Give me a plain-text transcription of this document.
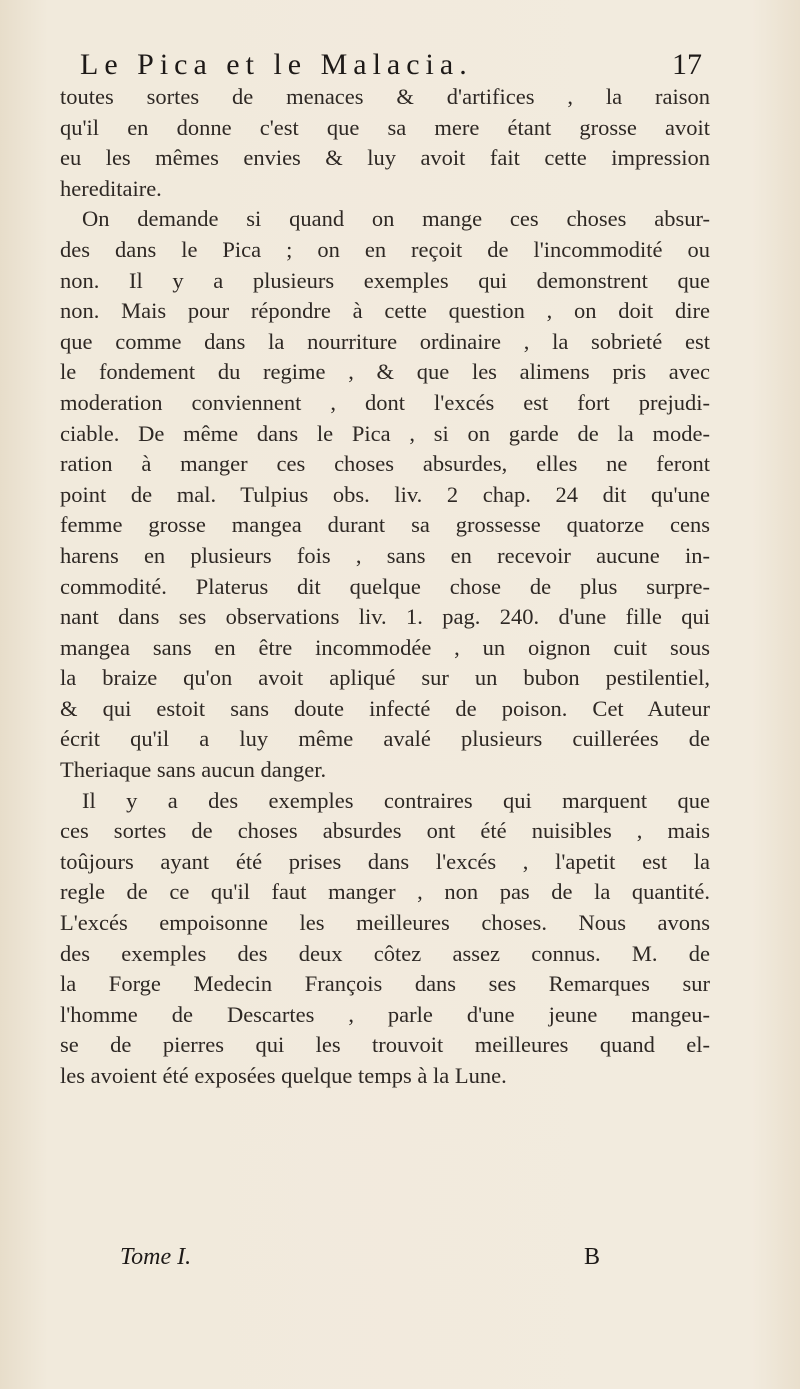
Le Pica et le Malacia.	17
toutes sortes de menaces & d'artifices , la raison
qu'il en donne c'est que sa mere étant grosse avoit
eu les mêmes envies & luy avoit fait cette impression
hereditaire.
On demande si quand on mange ces choses absur-
des dans le Pica ; on en reçoit de l'incommodité ou
non. Il y a plusieurs exemples qui demonstrent que
non. Mais pour répondre à cette question , on doit dire
que comme dans la nourriture ordinaire , la sobrieté est
le fondement du regime , & que les alimens pris avec
moderation conviennent , dont l'excés est fort prejudi-
ciable. De même dans le Pica , si on garde de la mode-
ration à manger ces choses absurdes, elles ne feront
point de mal. Tulpius obs. liv. 2 chap. 24 dit qu'une
femme grosse mangea durant sa grossesse quatorze cens
harens en plusieurs fois , sans en recevoir aucune in-
commodité. Platerus dit quelque chose de plus surpre-
nant dans ses observations liv. 1. pag. 240. d'une fille qui
mangea sans en être incommodée , un oignon cuit sous
la braize qu'on avoit apliqué sur un bubon pestilentiel,
& qui estoit sans doute infecté de poison. Cet Auteur
écrit qu'il a luy même avalé plusieurs cuillerées de
Theriaque sans aucun danger.
Il y a des exemples contraires qui marquent que
ces sortes de choses absurdes ont été nuisibles , mais
toûjours ayant été prises dans l'excés , l'apetit est la
regle de ce qu'il faut manger , non pas de la quantité.
L'excés empoisonne les meilleures choses. Nous avons
des exemples des deux côtez assez connus. M. de
la Forge Medecin François dans ses Remarques sur
l'homme de Descartes , parle d'une jeune mangeu-
se de pierres qui les trouvoit meilleures quand el-
les avoient été exposées quelque temps à la Lune.
Tome I.	B
